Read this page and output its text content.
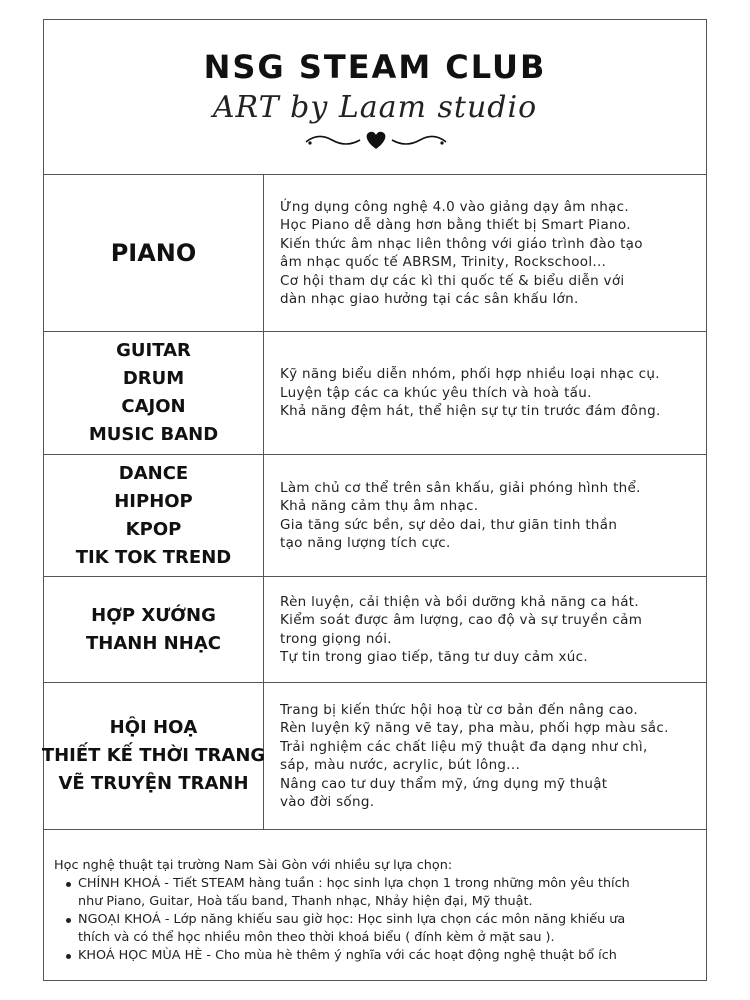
NSG STEAM CLUB
ART by Laam studio
PIANO
Ứng dụng công nghệ 4.0 vào giảng dạy âm nhạc.
Học Piano dễ dàng hơn bằng thiết bị Smart Piano.
Kiến thức âm nhạc liên thông với giáo trình đào tạo
âm nhạc quốc tế ABRSM, Trinity, Rockschool...
Cơ hội tham dự các kì thi quốc tế & biểu diễn với
dàn nhạc giao hưởng tại các sân khấu lớn.
GUITAR
DRUM
CAJON
MUSIC BAND
Kỹ năng biểu diễn nhóm, phối hợp nhiều loại nhạc cụ.
Luyện tập các ca khúc yêu thích và hoà tấu.
Khả năng đệm hát, thể hiện sự tự tin trước đám đông.
DANCE
HIPHOP
KPOP
TIK TOK TREND
Làm chủ cơ thể trên sân khấu, giải phóng hình thể.
Khả năng cảm thụ âm nhạc.
Gia tăng sức bền, sự dẻo dai, thư giãn tinh thần
tạo năng lượng tích cực.
HỢP XƯỚNG
THANH NHẠC
Rèn luyện, cải thiện và bồi dưỡng khả năng ca hát.
Kiểm soát được âm lượng, cao độ và sự truyền cảm
trong giọng nói.
Tự tin trong giao tiếp, tăng tư duy cảm xúc.
HỘI HOẠ
THIẾT KẾ THỜI TRANG
VẼ TRUYỆN TRANH
Trang bị kiến thức hội hoạ từ cơ bản đến nâng cao.
Rèn luyện kỹ năng vẽ tay, pha màu, phối hợp màu sắc.
Trải nghiệm các chất liệu mỹ thuật đa dạng như chì,
sáp, màu nước, acrylic, bút lông...
Nâng cao tư duy thẩm mỹ, ứng dụng mỹ thuật
vào đời sống.
Học nghệ thuật tại trường Nam Sài Gòn với nhiều sự lựa chọn:
CHÍNH KHOÁ - Tiết STEAM hàng tuần : học sinh lựa chọn 1 trong những môn yêu thích
như Piano, Guitar, Hoà tấu band, Thanh nhạc, Nhảy hiện đại, Mỹ thuật.
NGOẠI KHOÁ - Lớp năng khiếu sau giờ học: Học sinh lựa chọn các môn năng khiếu ưa
thích và có thể học nhiều môn theo thời khoá biểu ( đính kèm ở mặt sau ).
KHOÁ HỌC MÙA HÈ - Cho mùa hè thêm ý nghĩa với các hoạt động nghệ thuật bổ ích
